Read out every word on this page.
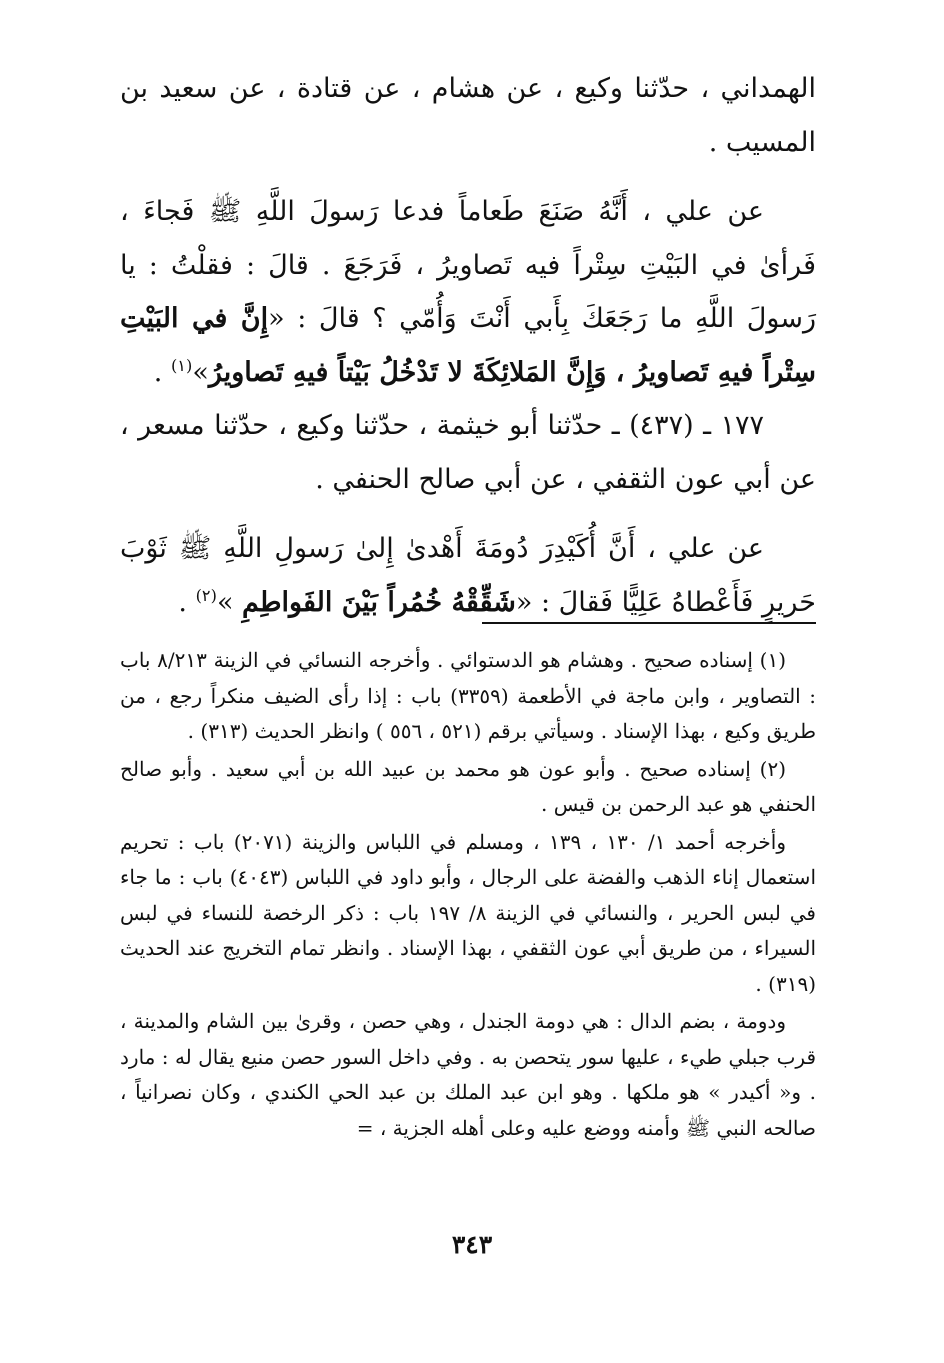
الهمداني ، حدّثنا وكيع ، عن هشام ، عن قتادة ، عن سعيد بن المسيب .

عن علي ، أَنَّهُ صَنَعَ طَعاماً فدعا رَسولَ اللَّهِ ﷺ فَجاءَ ، فَرأىٰ في البَيْتِ سِتْراً فيه تَصاويرُ ، فَرَجَعَ . قالَ : فقلْتُ : يا رَسولَ اللَّهِ ما رَجَعَكَ بِأَبي أَنْتَ وَأُمّي ؟ قالَ : «إِنَّ في البَيْتِ سِتْراً فيهِ تَصاويرُ ، وَإِنَّ المَلائِكَةَ لا تَدْخُلُ بَيْتاً فيهِ تَصاويرُ»$^{(١)}$ .

١٧٧ ـ (٤٣٧) ـ حدّثنا أبو خيثمة ، حدّثنا وكيع ، حدّثنا مسعر ، عن أبي عون الثقفي ، عن أبي صالح الحنفي .

عن علي ، أَنَّ أُكَيْدِرَ دُومَةَ أَهْدىٰ إِلىٰ رَسولِ اللَّهِ ﷺ ثَوْبَ حَريرٍ فَأَعْطاهُ عَلِيًّا فَقالَ : «شَقِّقْهُ خُمُراً بَيْنَ الفَواطِمِ »$^{(٢)}$ .

(١) إسناده صحيح . وهشام هو الدستوائي . وأخرجه النسائي في الزينة ٨/٢١٣ باب : التصاوير ، وابن ماجة في الأطعمة (٣٣٥٩) باب : إذا رأى الضيف منكراً رجع ، من طريق وكيع ، بهذا الإسناد . وسيأتي برقم (٥٢١ ، ٥٥٦ ) وانظر الحديث (٣١٣) .

(٢) إسناده صحيح . وأبو عون هو محمد بن عبيد الله بن أبي سعيد . وأبو صالح الحنفي هو عبد الرحمن بن قيس .

وأخرجه أحمد ١/ ١٣٠ ، ١٣٩ ، ومسلم في اللباس والزينة (٢٠٧١) باب : تحريم استعمال إناء الذهب والفضة على الرجال ، وأبو داود في اللباس (٤٠٤٣) باب : ما جاء في لبس الحرير ، والنسائي في الزينة ٨/ ١٩٧ باب : ذكر الرخصة للنساء في لبس السيراء ، من طريق أبي عون الثقفي ، بهذا الإسناد . وانظر تمام التخريج عند الحديث (٣١٩) .

ودومة ، بضم الدال : هي دومة الجندل ، وهي حصن ، وقرىٰ بين الشام والمدينة ، قرب جبلي طيء ، عليها سور يتحصن به . وفي داخل السور حصن منيع يقال له : مارد . و« أكيدر » هو ملكها . وهو ابن عبد الملك بن عبد الحي الكندي ، وكان نصرانياً ، صالحه النبي ﷺ وأمنه ووضع عليه وعلى أهله الجزية ، =

٣٤٣
